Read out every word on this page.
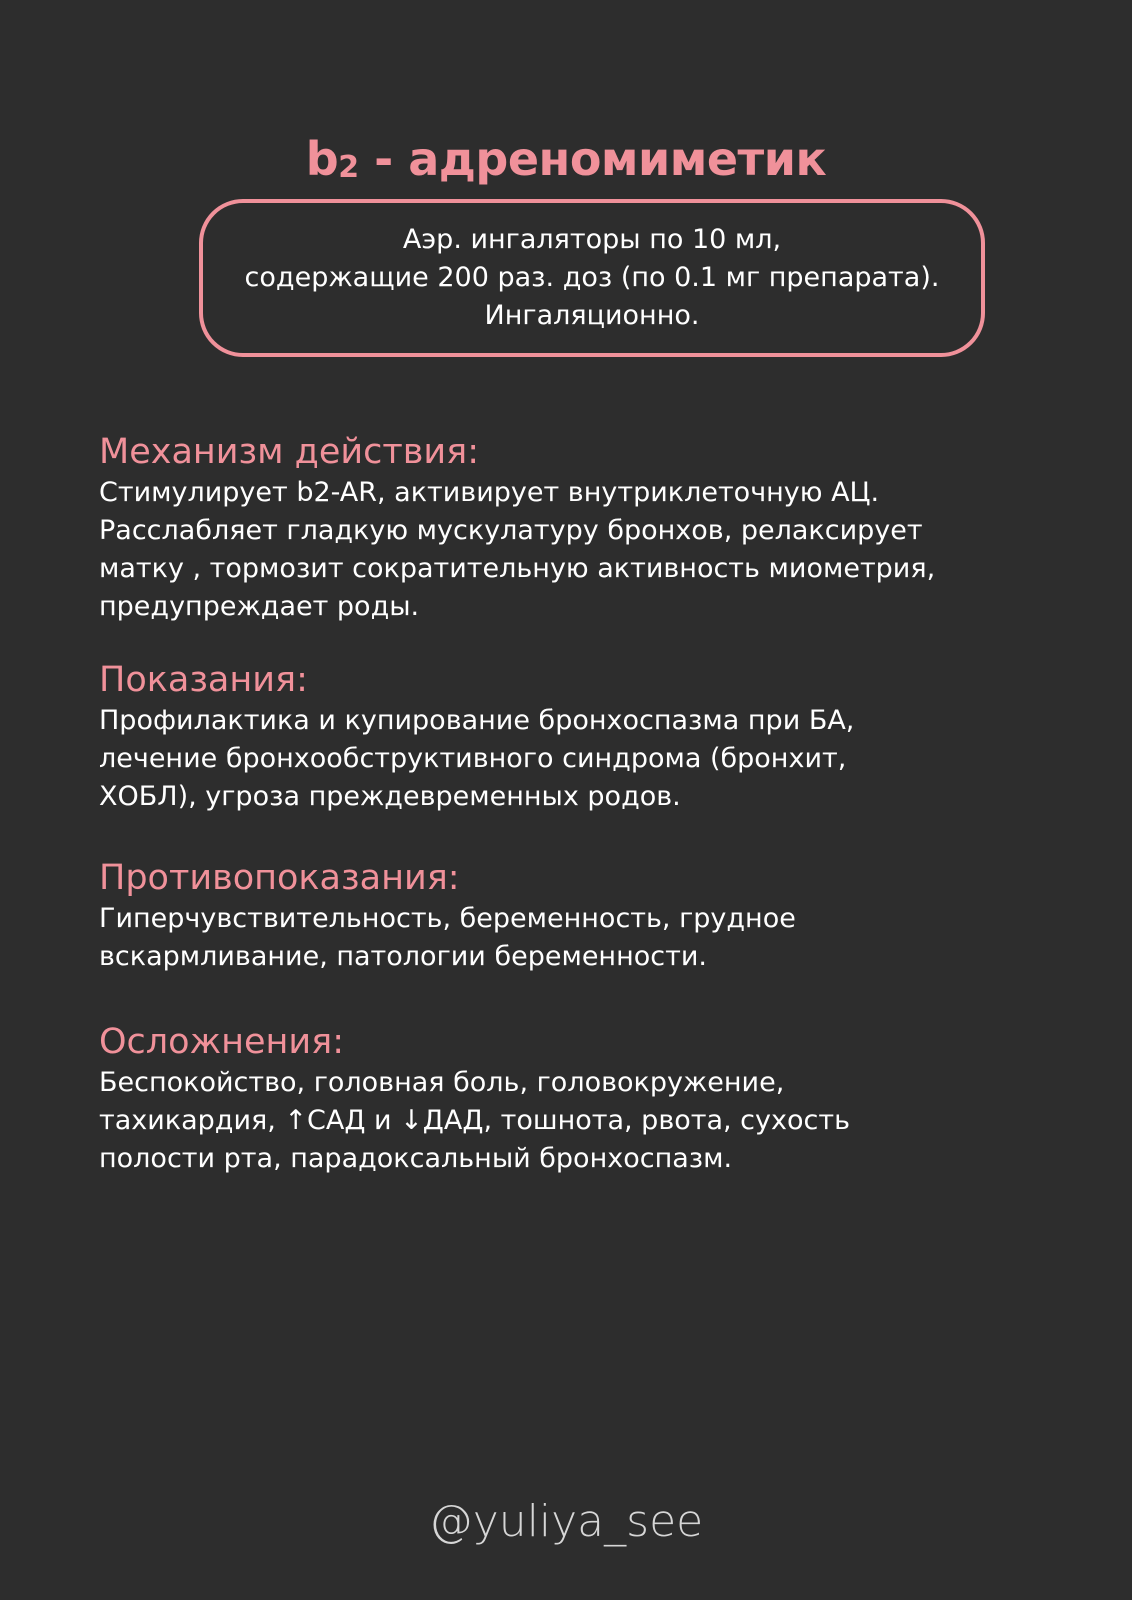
b2 - адреномиметик
Аэр. ингаляторы по 10 мл,
содержащие 200 раз. доз (по 0.1 мг препарата).
Ингаляционно.
Механизм действия:

Стимулирует b2-AR, активирует внутриклеточную АЦ.
Расслабляет гладкую мускулатуру бронхов, релаксирует
матку , тормозит сократительную активность миометрия,
предупреждает роды.

Показания:

Профилактика и купирование бронхоспазма при БА,
лечение бронхообструктивного синдрома (бронхит,
ХОБЛ), угроза преждевременных родов.

Противопоказания:

Гиперчувствительность, беременность, грудное
вскармливание, патологии беременности.

Осложнения:

Беспокойство, головная боль, головокружение,
тахикардия, ↑САД и ↓ДАД, тошнота, рвота, сухость
полости рта, парадоксальный бронхоспазм.

@yuliya_see
